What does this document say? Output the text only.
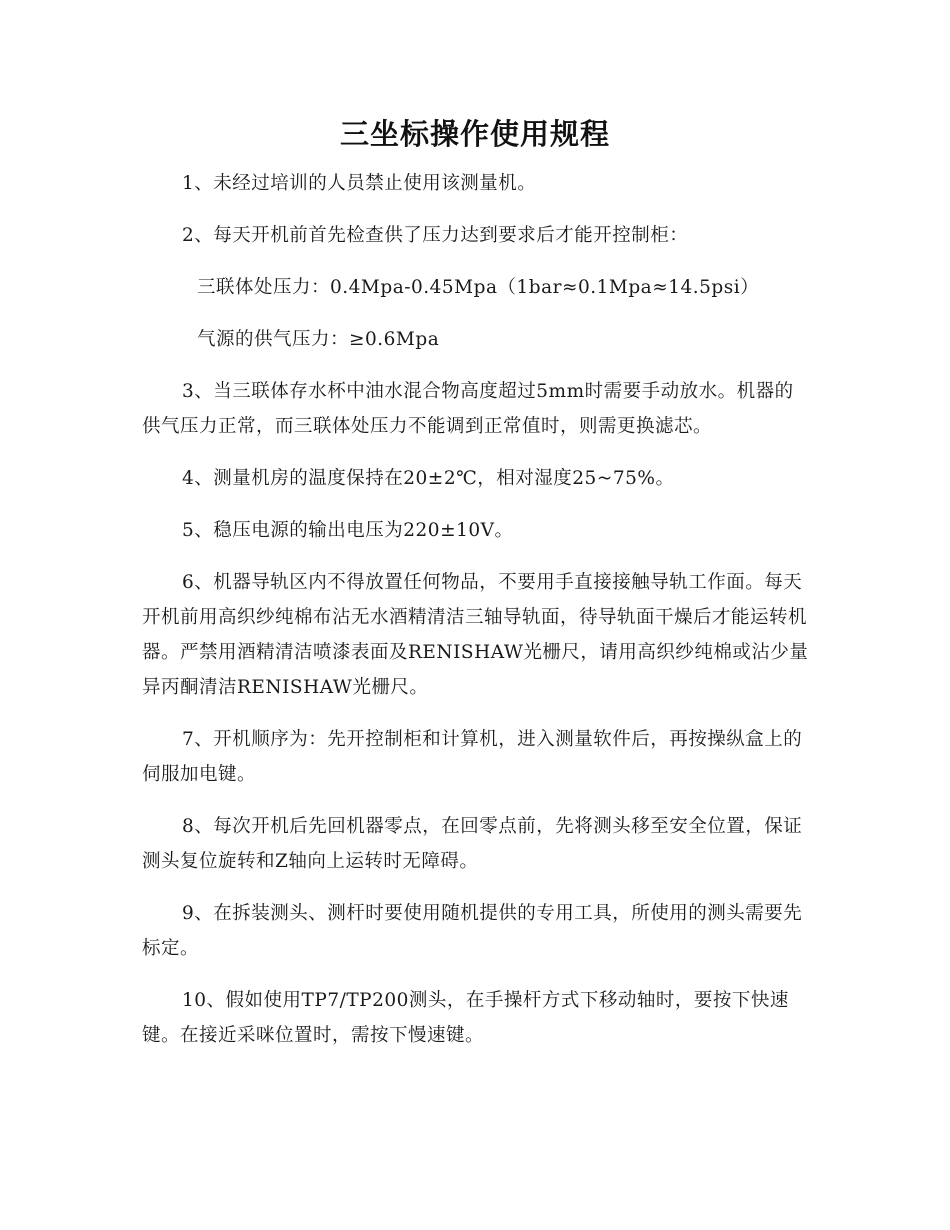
三坐标操作使用规程

1、未经过培训的人员禁止使用该测量机。

2、每天开机前首先检查供了压力达到要求后才能开控制柜：

三联体处压力：0.4Mpa-0.45Mpa（1bar≈0.1Mpa≈14.5psi）

气源的供气压力：≥0.6Mpa

3、当三联体存水杯中油水混合物高度超过5mm时需要手动放水。机器的供气压力正常，而三联体处压力不能调到正常值时，则需更换滤芯。

4、测量机房的温度保持在20±2℃，相对湿度25~75%。

5、稳压电源的输出电压为220±10V。

6、机器导轨区内不得放置任何物品，不要用手直接接触导轨工作面。每天开机前用高织纱纯棉布沾无水酒精清洁三轴导轨面，待导轨面干燥后才能运转机器。严禁用酒精清洁喷漆表面及RENISHAW光栅尺，请用高织纱纯棉或沾少量异丙酮清洁RENISHAW光栅尺。

7、开机顺序为：先开控制柜和计算机，进入测量软件后，再按操纵盒上的伺服加电键。

8、每次开机后先回机器零点，在回零点前，先将测头移至安全位置，保证测头复位旋转和Z轴向上运转时无障碍。

9、在拆装测头、测杆时要使用随机提供的专用工具，所使用的测头需要先标定。

10、假如使用TP7/TP200测头，在手操杆方式下移动轴时，要按下快速键。在接近采咪位置时，需按下慢速键。
